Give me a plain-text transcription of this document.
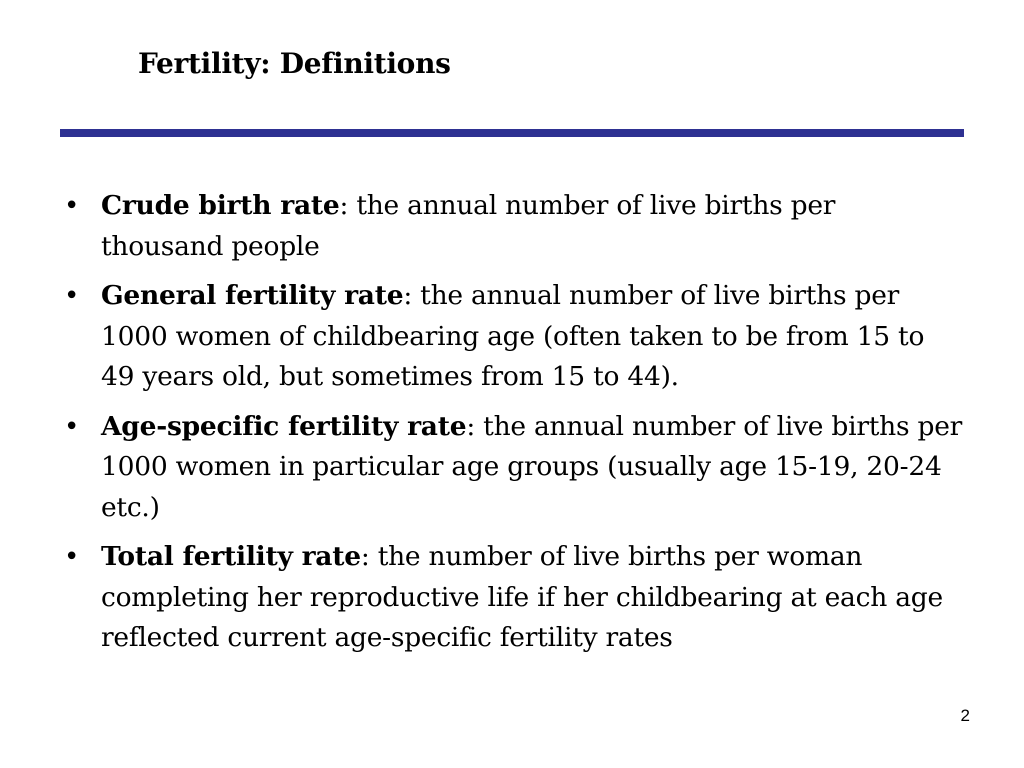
Fertility: Definitions
• Crude birth rate: the annual number of live births per thousand people
• General fertility rate: the annual number of live births per 1000 women of childbearing age (often taken to be from 15 to 49 years old, but sometimes from 15 to 44).
• Age-specific fertility rate: the annual number of live births per 1000 women in particular age groups (usually age 15-19, 20-24 etc.)
• Total fertility rate: the number of live births per woman completing her reproductive life if her childbearing at each age reflected current age-specific fertility rates
2
